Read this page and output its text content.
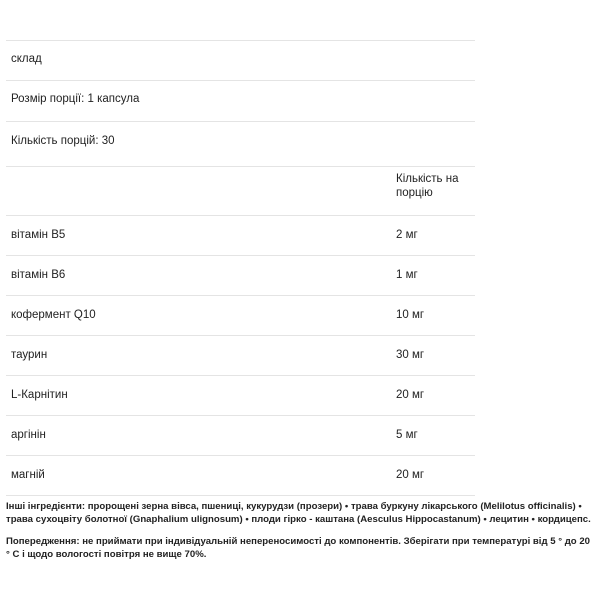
склад
Розмір порції: 1 капсула
Кількість порцій: 30
Кількість на порцію
вітамін B5	2 мг
вітамін B6	1 мг
кофермент Q10	10 мг
таурин	30 мг
L-Карнітин	20 мг
аргінін	5 мг
магній	20 мг

Інші інгредієнти: пророщені зерна вівса, пшениці, кукурудзи (прозери) • трава буркуну лікарського (Melilotus officinalis) • трава сухоцвіту болотної (Gnaphalium ulignosum) • плоди гірко - каштана (Aesculus Hippocastanum) • лецитин • кордицепс.

Попередження: не приймати при індивідуальній непереносимості до компонентів. Зберігати при температурі від 5 ° до 20 ° С і щодо вологості повітря не вище 70%.
